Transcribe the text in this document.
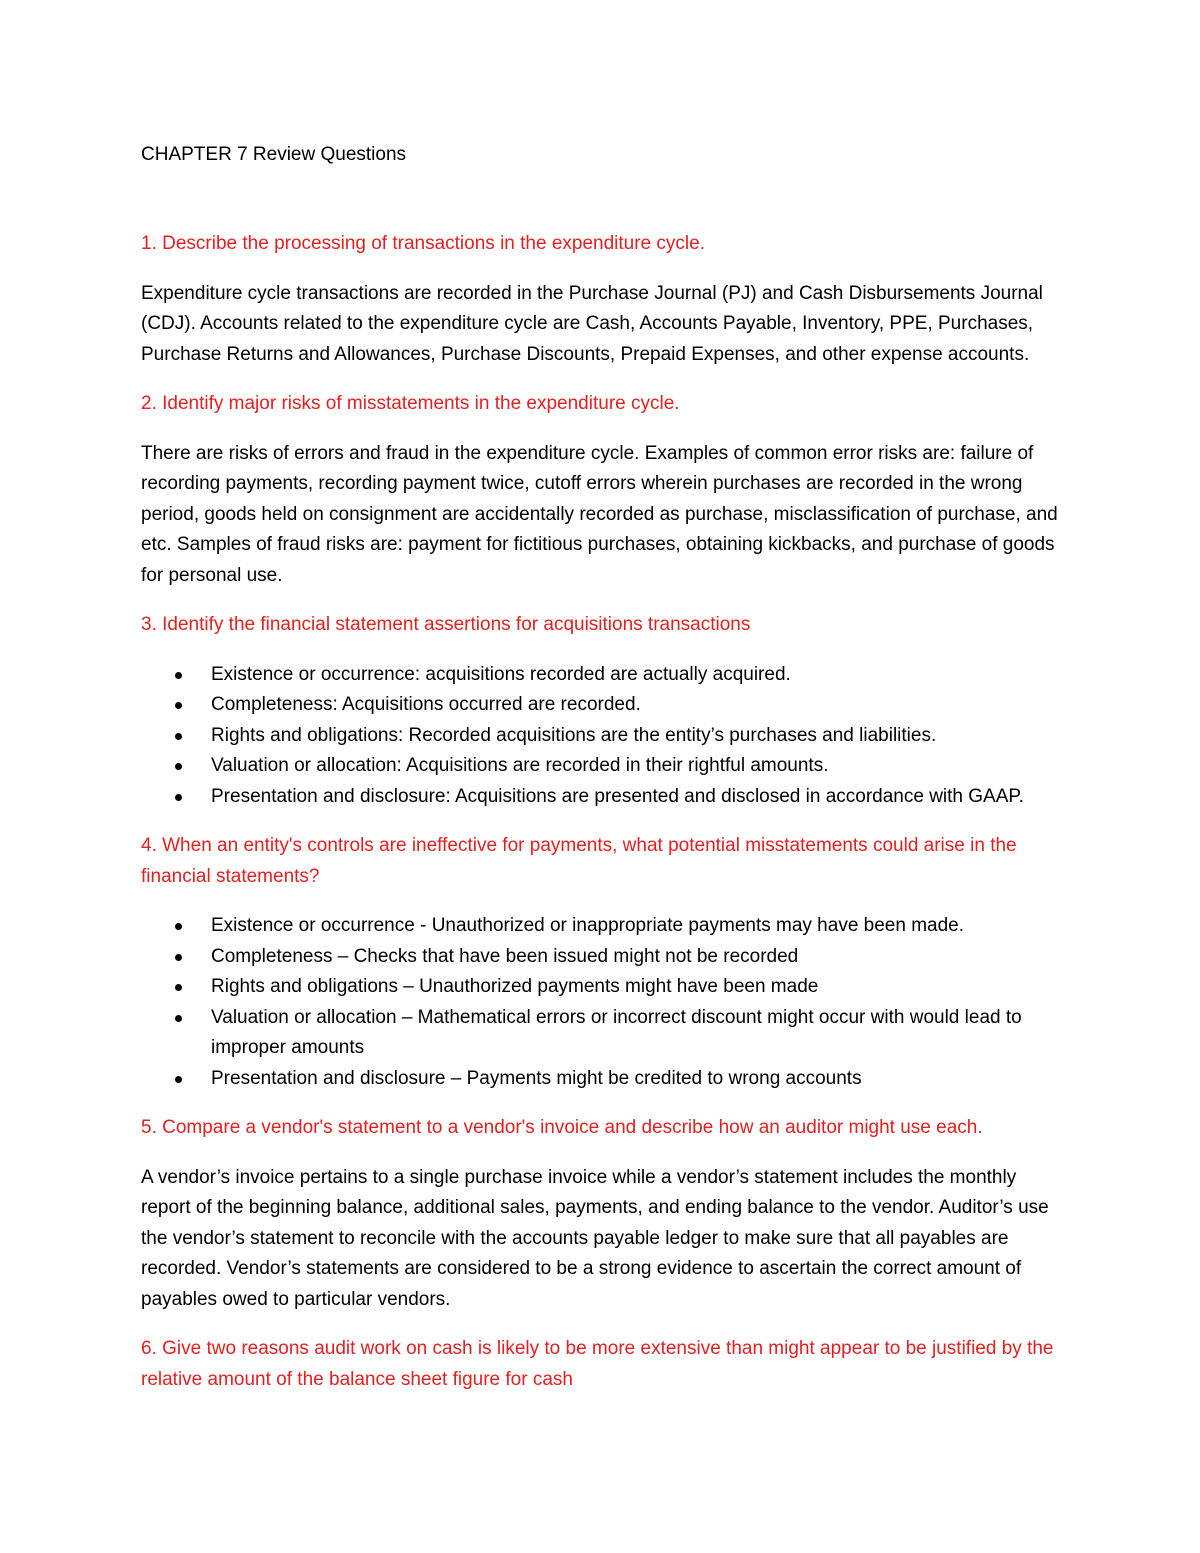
CHAPTER 7 Review Questions

1. Describe the processing of transactions in the expenditure cycle.

Expenditure cycle transactions are recorded in the Purchase Journal (PJ) and Cash Disbursements Journal (CDJ). Accounts related to the expenditure cycle are Cash, Accounts Payable, Inventory, PPE, Purchases, Purchase Returns and Allowances, Purchase Discounts, Prepaid Expenses, and other expense accounts.

2. Identify major risks of misstatements in the expenditure cycle.

There are risks of errors and fraud in the expenditure cycle. Examples of common error risks are: failure of recording payments, recording payment twice, cutoff errors wherein purchases are recorded in the wrong period, goods held on consignment are accidentally recorded as purchase, misclassification of purchase, and etc. Samples of fraud risks are: payment for fictitious purchases, obtaining kickbacks, and purchase of goods for personal use.

3. Identify the financial statement assertions for acquisitions transactions

Existence or occurrence: acquisitions recorded are actually acquired.
Completeness: Acquisitions occurred are recorded.
Rights and obligations: Recorded acquisitions are the entity’s purchases and liabilities.
Valuation or allocation: Acquisitions are recorded in their rightful amounts.
Presentation and disclosure: Acquisitions are presented and disclosed in accordance with GAAP.

4. When an entity's controls are ineffective for payments, what potential misstatements could arise in the financial statements?

Existence or occurrence - Unauthorized or inappropriate payments may have been made.
Completeness – Checks that have been issued might not be recorded
Rights and obligations – Unauthorized payments might have been made
Valuation or allocation – Mathematical errors or incorrect discount might occur with would lead to improper amounts
Presentation and disclosure – Payments might be credited to wrong accounts

5. Compare a vendor's statement to a vendor's invoice and describe how an auditor might use each.

A vendor’s invoice pertains to a single purchase invoice while a vendor’s statement includes the monthly report of the beginning balance, additional sales, payments, and ending balance to the vendor. Auditor’s use the vendor’s statement to reconcile with the accounts payable ledger to make sure that all payables are recorded. Vendor’s statements are considered to be a strong evidence to ascertain the correct amount of payables owed to particular vendors.

6. Give two reasons audit work on cash is likely to be more extensive than might appear to be justified by the relative amount of the balance sheet figure for cash
